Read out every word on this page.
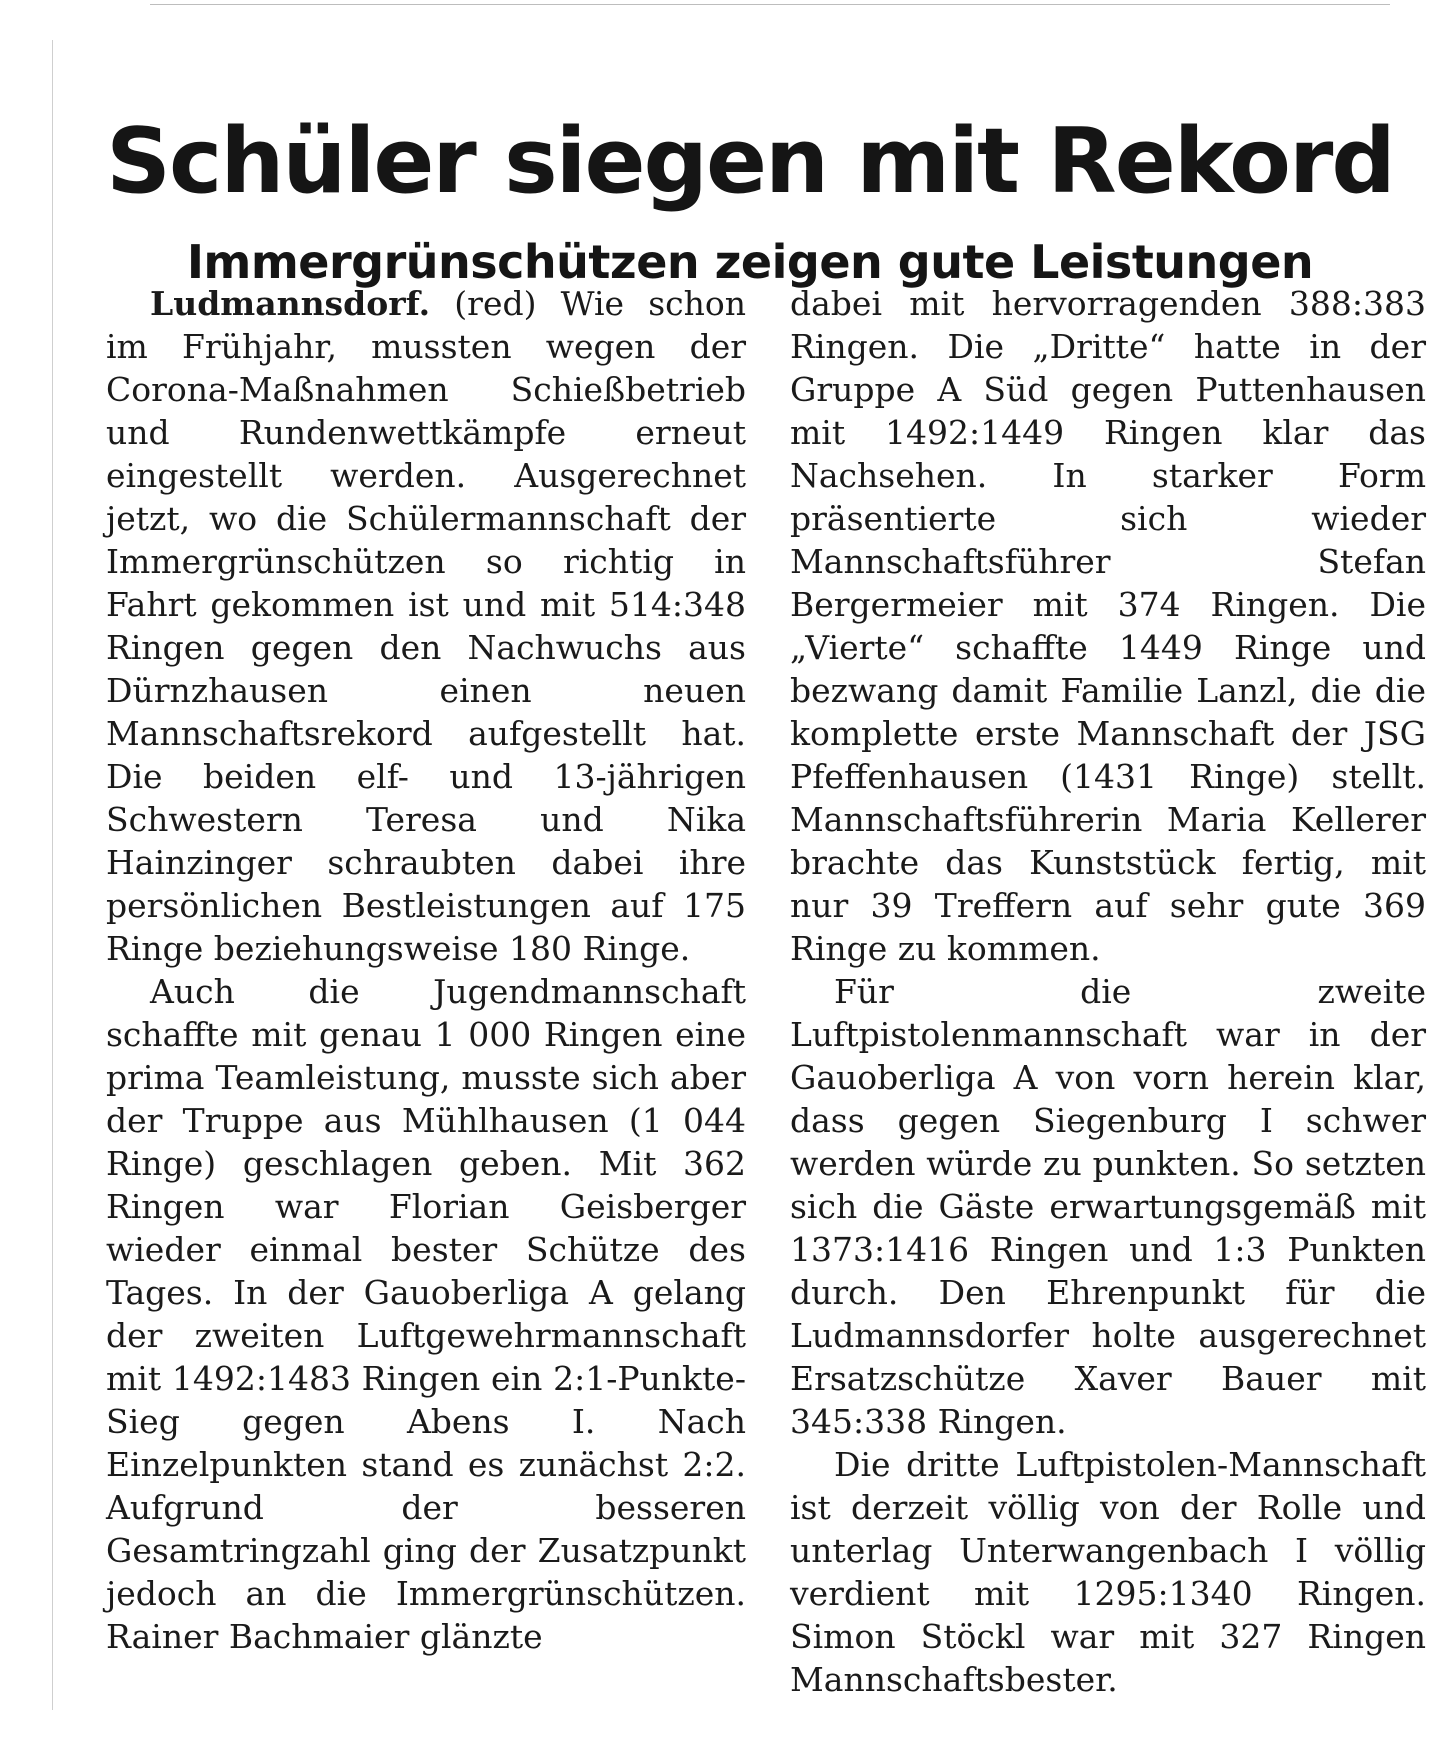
Schüler siegen mit Rekord
Immergrünschützen zeigen gute Leistungen

Ludmannsdorf. (red) Wie schon im Frühjahr, mussten wegen der Corona-Maßnahmen Schießbetrieb und Rundenwettkämpfe erneut eingestellt werden. Ausgerechnet jetzt, wo die Schülermannschaft der Immergrünschützen so richtig in Fahrt gekommen ist und mit 514:348 Ringen gegen den Nachwuchs aus Dürnzhausen einen neuen Mannschaftsrekord aufgestellt hat. Die beiden elf- und 13-jährigen Schwestern Teresa und Nika Hainzinger schraubten dabei ihre persönlichen Bestleistungen auf 175 Ringe beziehungsweise 180 Ringe.

Auch die Jugendmannschaft schaffte mit genau 1 000 Ringen eine prima Teamleistung, musste sich aber der Truppe aus Mühlhausen (1 044 Ringe) geschlagen geben. Mit 362 Ringen war Florian Geisberger wieder einmal bester Schütze des Tages. In der Gauoberliga A gelang der zweiten Luftgewehrmannschaft mit 1492:1483 Ringen ein 2:1-Punkte-Sieg gegen Abens I. Nach Einzelpunkten stand es zunächst 2:2. Aufgrund der besseren Gesamtringzahl ging der Zusatzpunkt jedoch an die Immergrünschützen. Rainer Bachmaier glänzte

dabei mit hervorragenden 388:383 Ringen. Die „Dritte“ hatte in der Gruppe A Süd gegen Puttenhausen mit 1492:1449 Ringen klar das Nachsehen. In starker Form präsentierte sich wieder Mannschaftsführer Stefan Bergermeier mit 374 Ringen. Die „Vierte“ schaffte 1449 Ringe und bezwang damit Familie Lanzl, die die komplette erste Mannschaft der JSG Pfeffenhausen (1431 Ringe) stellt. Mannschaftsführerin Maria Kellerer brachte das Kunststück fertig, mit nur 39 Treffern auf sehr gute 369 Ringe zu kommen.

Für die zweite Luftpistolenmannschaft war in der Gauoberliga A von vorn herein klar, dass gegen Siegenburg I schwer werden würde zu punkten. So setzten sich die Gäste erwartungsgemäß mit 1373:1416 Ringen und 1:3 Punkten durch. Den Ehrenpunkt für die Ludmannsdorfer holte ausgerechnet Ersatzschütze Xaver Bauer mit 345:338 Ringen.

Die dritte Luftpistolen-Mannschaft ist derzeit völlig von der Rolle und unterlag Unterwangenbach I völlig verdient mit 1295:1340 Ringen. Simon Stöckl war mit 327 Ringen Mannschaftsbester.
